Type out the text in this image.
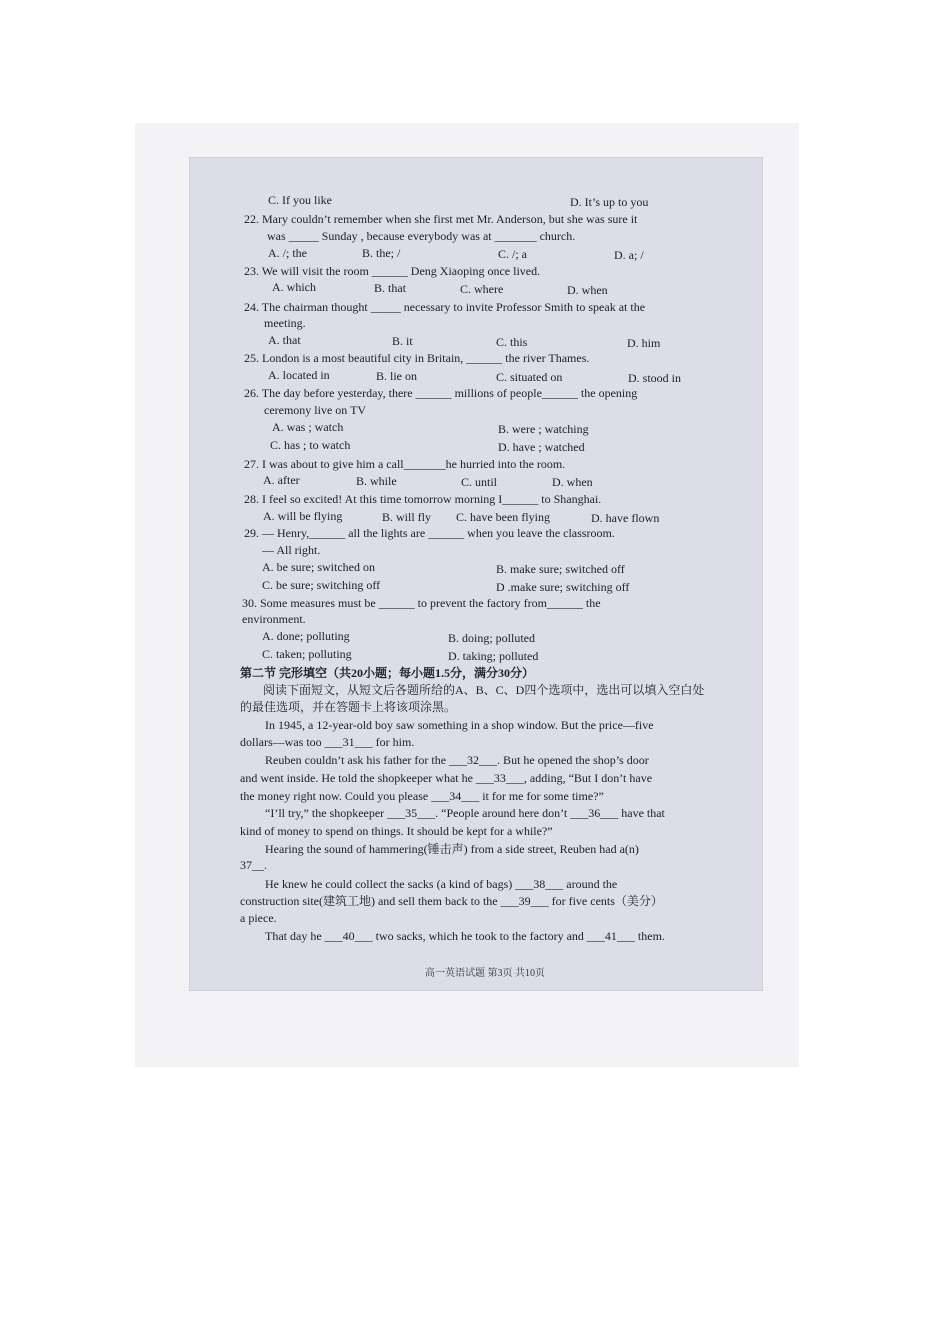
C. If you like	D. It’s up to you
22. Mary couldn’t remember when she first met Mr. Anderson, but she was sure it
was _____ Sunday , because everybody was at _______ church.
A. /; the	B. the; /	C. /; a	D. a; /
23. We will visit the room ______ Deng Xiaoping once lived.
A. which	B. that	C. where	D. when
24. The chairman thought _____ necessary to invite Professor Smith to speak at the
meeting.
A. that	B. it	C. this	D. him
25. London is a most beautiful city in Britain, ______ the river Thames.
A. located in	B. lie on	C. situated on	D. stood in
26. The day before yesterday, there ______ millions of people______ the opening
ceremony live on TV
A. was ; watch	B. were ; watching
C. has ; to watch	D. have ; watched
27. I was about to give him a call_______he hurried into the room.
A. after	B. while	C. until	D. when
28. I feel so excited! At this time tomorrow morning I______ to Shanghai.
A. will be flying	B. will fly C. have been flying	D. have flown
29. — Henry,______ all the lights are ______ when you leave the classroom.
— All right.
A. be sure; switched on	B. make sure; switched off
C. be sure; switching off	D .make sure; switching off
30. Some measures must be ______ to prevent the factory from______ the
environment.
A. done; polluting	B. doing; polluted
C. taken; polluting	D. taking; polluted
第二节 完形填空（共20小题；每小题1.5分，满分30分）
阅读下面短文，从短文后各题所给的A、B、C、D四个选项中，选出可以填入空白处
的最佳选项，并在答题卡上将该项涂黑。
In 1945, a 12-year-old boy saw something in a shop window. But the price—five
dollars—was too ___31___ for him.
Reuben couldn’t ask his father for the ___32___. But he opened the shop’s door
and went inside. He told the shopkeeper what he ___33___, adding, “But I don’t have
the money right now. Could you please ___34___ it for me for some time?”
“I’ll try,” the shopkeeper ___35___. “People around here don’t ___36___ have that
kind of money to spend on things. It should be kept for a while?”
Hearing the sound of hammering(锤击声) from a side street, Reuben had a(n)
37__.
He knew he could collect the sacks (a kind of bags) ___38___ around the
construction site(建筑工地) and sell them back to the ___39___ for five cents（美分）
a piece.
That day he ___40___ two sacks, which he took to the factory and ___41___ them.
高一英语试题 第3页 共10页
